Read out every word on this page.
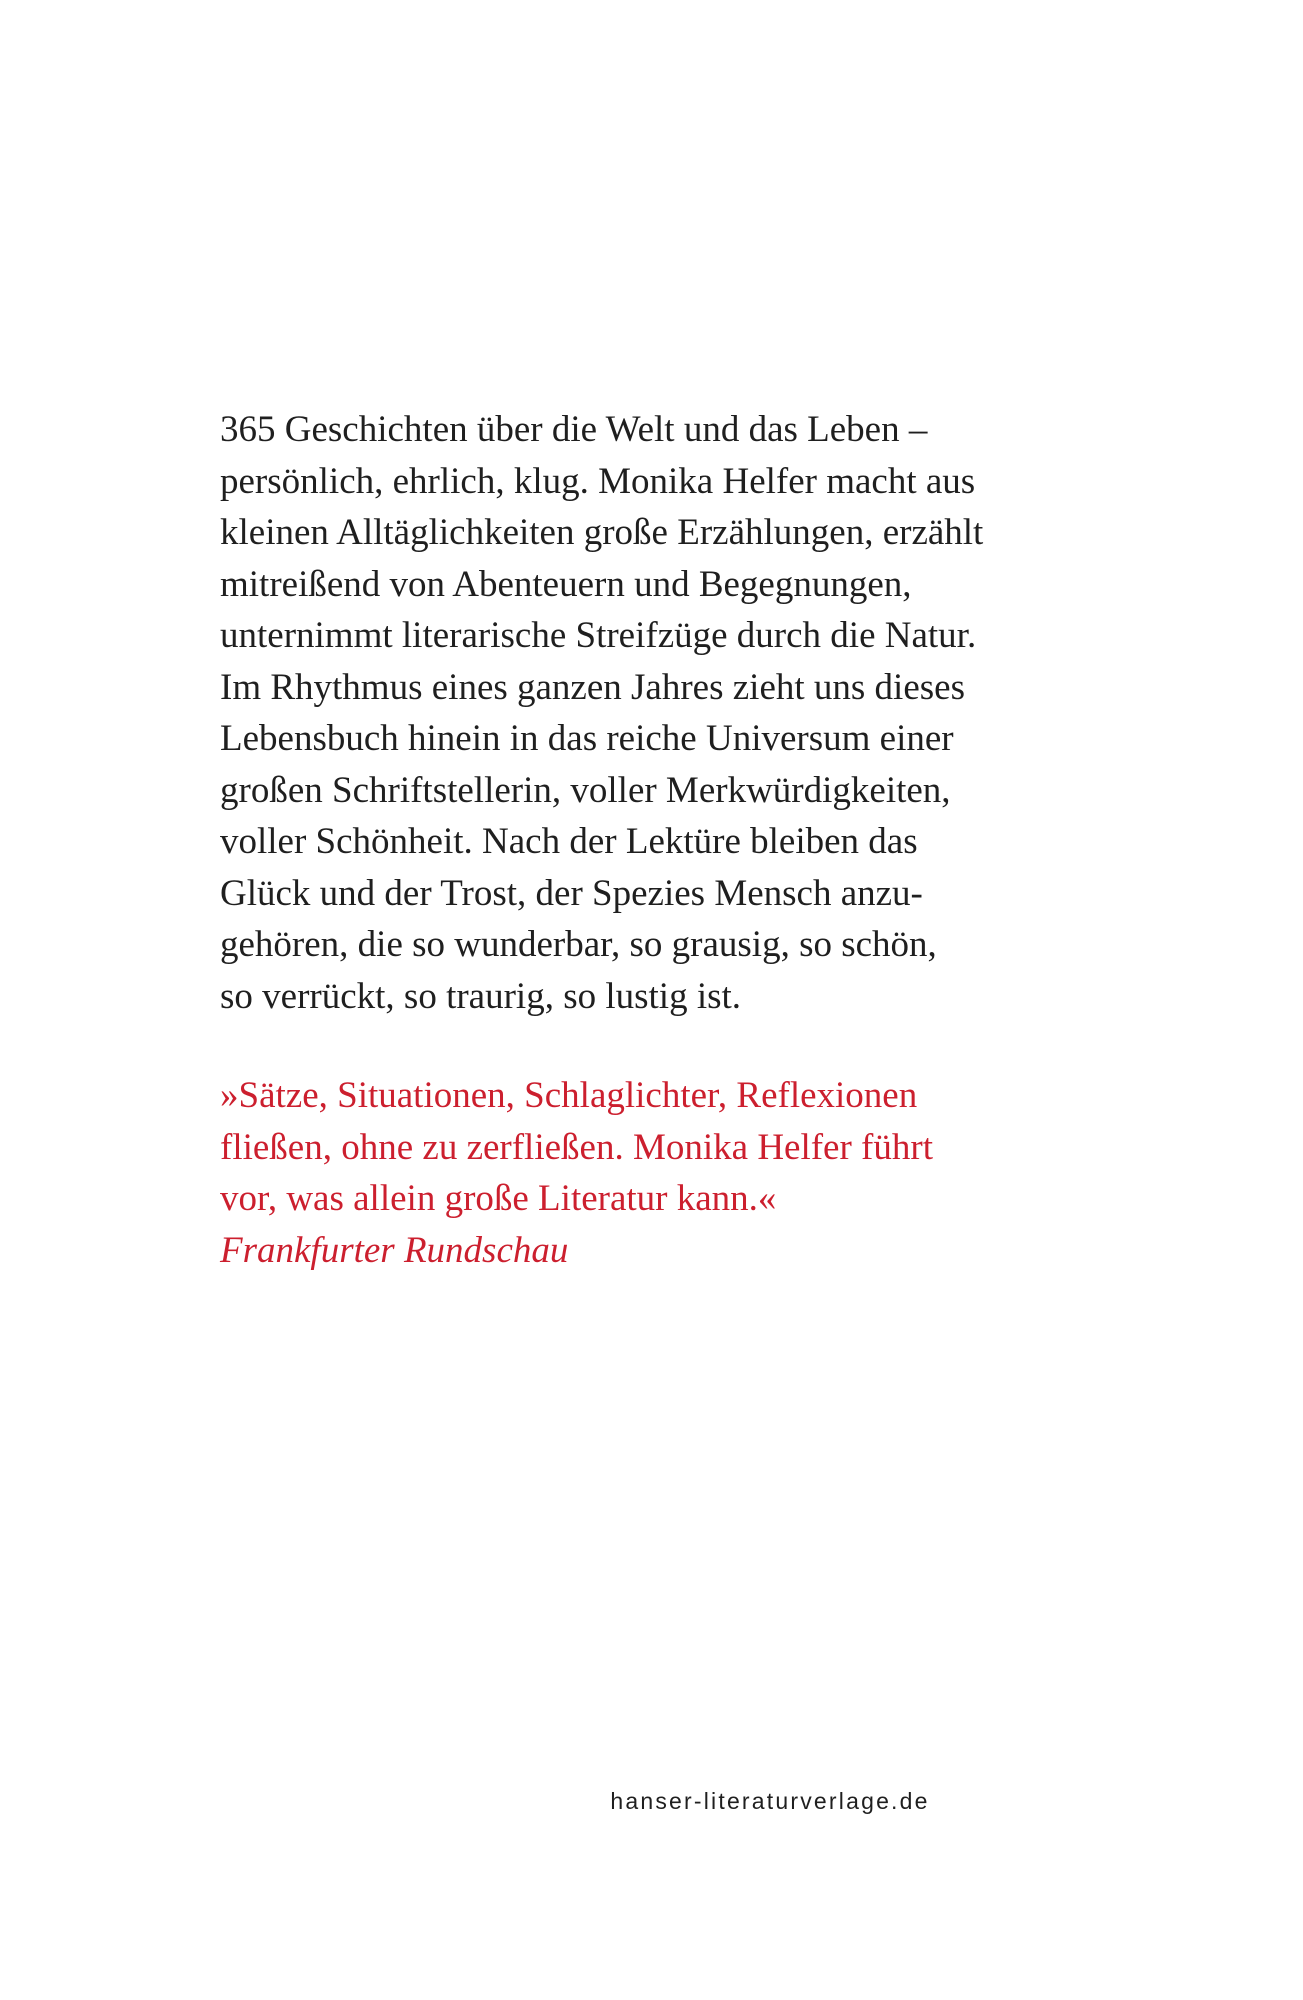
365 Geschichten über die Welt und das Leben –
persönlich, ehrlich, klug. Monika Helfer macht aus
kleinen Alltäglichkeiten große Erzählungen, erzählt
mitreißend von Abenteuern und Begegnungen,
unternimmt literarische Streifzüge durch die Natur.
Im Rhythmus eines ganzen Jahres zieht uns dieses
Lebensbuch hinein in das reiche Universum einer
großen Schriftstellerin, voller Merkwürdigkeiten,
voller Schönheit. Nach der Lektüre bleiben das
Glück und der Trost, der Spezies Mensch anzu-
gehören, die so wunderbar, so grausig, so schön,
so verrückt, so traurig, so lustig ist.
»Sätze, Situationen, Schlaglichter, Reflexionen
fließen, ohne zu zerfließen. Monika Helfer führt
vor, was allein große Literatur kann.«
Frankfurter Rundschau
hanser-literaturverlage.de
